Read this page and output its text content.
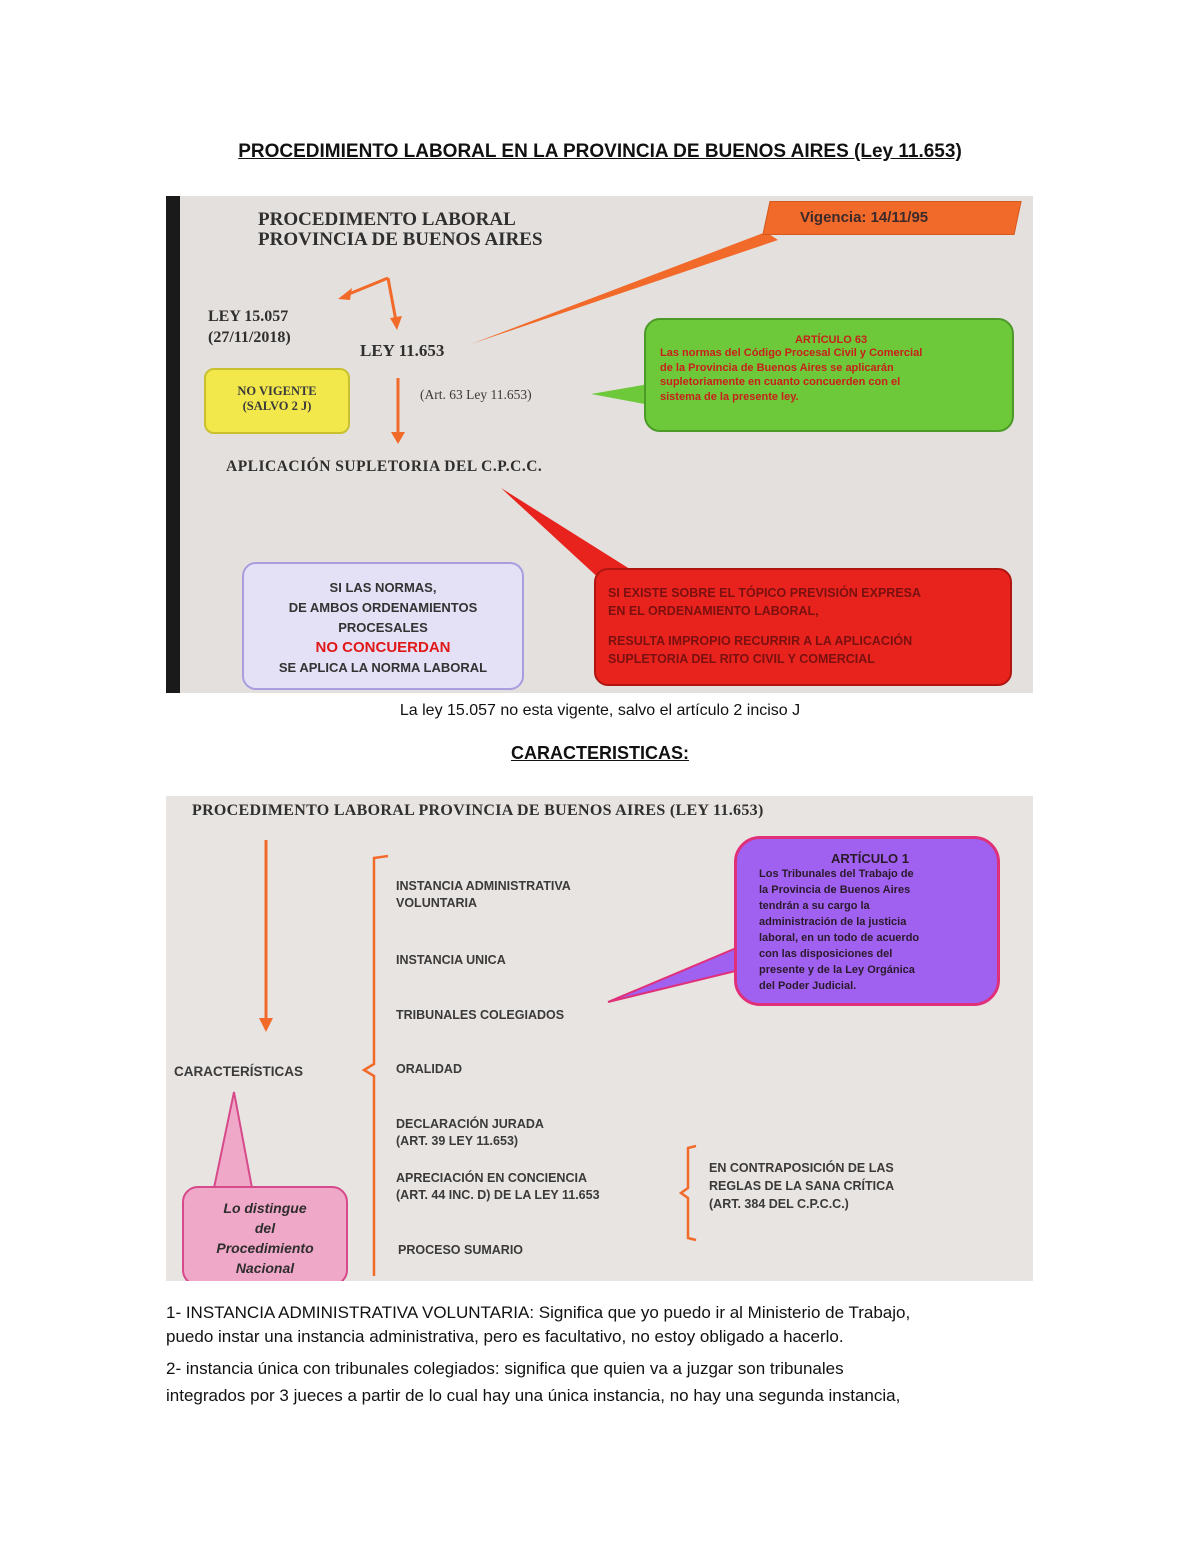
PROCEDIMIENTO LABORAL EN LA PROVINCIA DE BUENOS AIRES (Ley 11.653)
PROCEDIMENTO LABORAL
PROVINCIA DE BUENOS AIRES
Vigencia: 14/11/95
LEY 15.057
(27/11/2018)
LEY 11.653
NO VIGENTE
(SALVO 2 J)
(Art. 63 Ley 11.653)
ARTÍCULO 63
Las normas del Código Procesal Civil y Comercial
de la Provincia de Buenos Aires se aplicarán
supletoriamente en cuanto concuerden con el
sistema de la presente ley.
APLICACIÓN SUPLETORIA DEL C.P.C.C.
SI LAS NORMAS,
DE AMBOS ORDENAMIENTOS
PROCESALES
NO CONCUERDAN
SE APLICA LA NORMA LABORAL
SI EXISTE SOBRE EL TÓPICO PREVISIÓN EXPRESA
EN EL ORDENAMIENTO LABORAL,
RESULTA IMPROPIO RECURRIR A LA APLICACIÓN
SUPLETORIA DEL RITO CIVIL Y COMERCIAL

La ley 15.057 no esta vigente, salvo el artículo 2 inciso J

CARACTERISTICAS:

PROCEDIMENTO LABORAL PROVINCIA DE BUENOS AIRES (LEY 11.653)
CARACTERÍSTICAS
INSTANCIA ADMINISTRATIVA
VOLUNTARIA
INSTANCIA UNICA
TRIBUNALES COLEGIADOS
ORALIDAD
DECLARACIÓN JURADA
(ART. 39 LEY 11.653)
APRECIACIÓN EN CONCIENCIA
(ART. 44 INC. D) DE LA LEY 11.653
PROCESO SUMARIO
EN CONTRAPOSICIÓN DE LAS
REGLAS DE LA SANA CRÍTICA
(ART. 384 DEL C.P.C.C.)
ARTÍCULO 1
Los Tribunales del Trabajo de
la Provincia de Buenos Aires
tendrán a su cargo la
administración de la justicia
laboral, en un todo de acuerdo
con las disposiciones del
presente y de la Ley Orgánica
del Poder Judicial.
Lo distingue
del
Procedimiento
Nacional

1- INSTANCIA ADMINISTRATIVA VOLUNTARIA: Significa que yo puedo ir al Ministerio de Trabajo,

puedo instar una instancia administrativa, pero es facultativo, no estoy obligado a hacerlo.

2- instancia única con tribunales colegiados: significa que quien va a juzgar son tribunales

integrados por 3 jueces a partir de lo cual hay una única instancia, no hay una segunda instancia,
